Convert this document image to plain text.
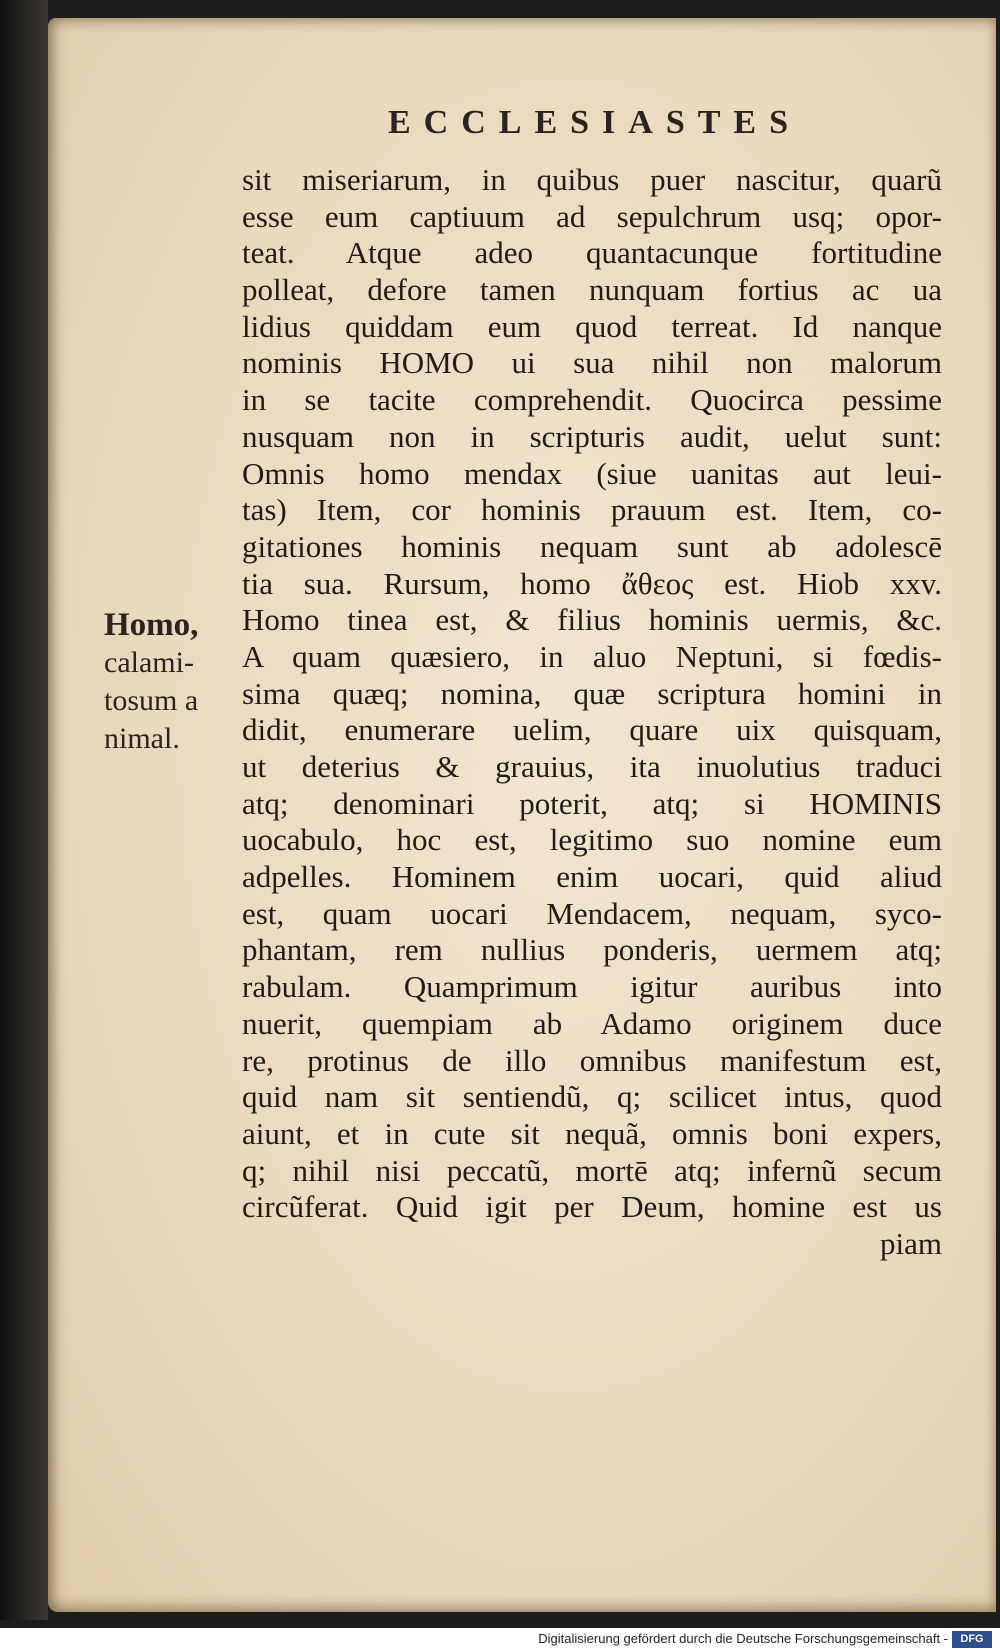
ECCLESIASTES
Homo,
calami-
tosum a
nimal.
sit miseriarum, in quibus puer nascitur, quarũ
esse eum captiuum ad sepulchrum usq; opor-
teat. Atque adeo quantacunque fortitudine
polleat, defore tamen nunquam fortius ac ua
lidius quiddam eum quod terreat. Id nanque
nominis HOMO ui sua nihil non malorum
in se tacite comprehendit. Quocirca pessime
nusquam non in scripturis audit, uelut sunt:
Omnis homo mendax (siue uanitas aut leui-
tas) Item, cor hominis prauum est. Item, co-
gitationes hominis nequam sunt ab adolescē
tia sua. Rursum, homo ἄθεος est. Hiob xxv.
Homo tinea est, & filius hominis uermis, &c.
A quam quæsiero, in aluo Neptuni, si fœdis-
sima quæq; nomina, quæ scriptura homini in
didit, enumerare uelim, quare uix quisquam,
ut deterius & grauius, ita inuolutius traduci
atq; denominari poterit, atq; si HOMINIS
uocabulo, hoc est, legitimo suo nomine eum
adpelles. Hominem enim uocari, quid aliud
est, quam uocari Mendacem, nequam, syco-
phantam, rem nullius ponderis, uermem atq;
rabulam. Quamprimum igitur auribus into
nuerit, quempiam ab Adamo originem duce
re, protinus de illo omnibus manifestum est,
quid nam sit sentiendũ, q; scilicet intus, quod
aiunt, et in cute sit nequã, omnis boni expers,
q; nihil nisi peccatũ, mortē atq; infernũ secum
circũferat. Quid igit per Deum, homine est us
piam
Digitalisierung gefördert durch die Deutsche Forschungsgemeinschaft -	DFG
